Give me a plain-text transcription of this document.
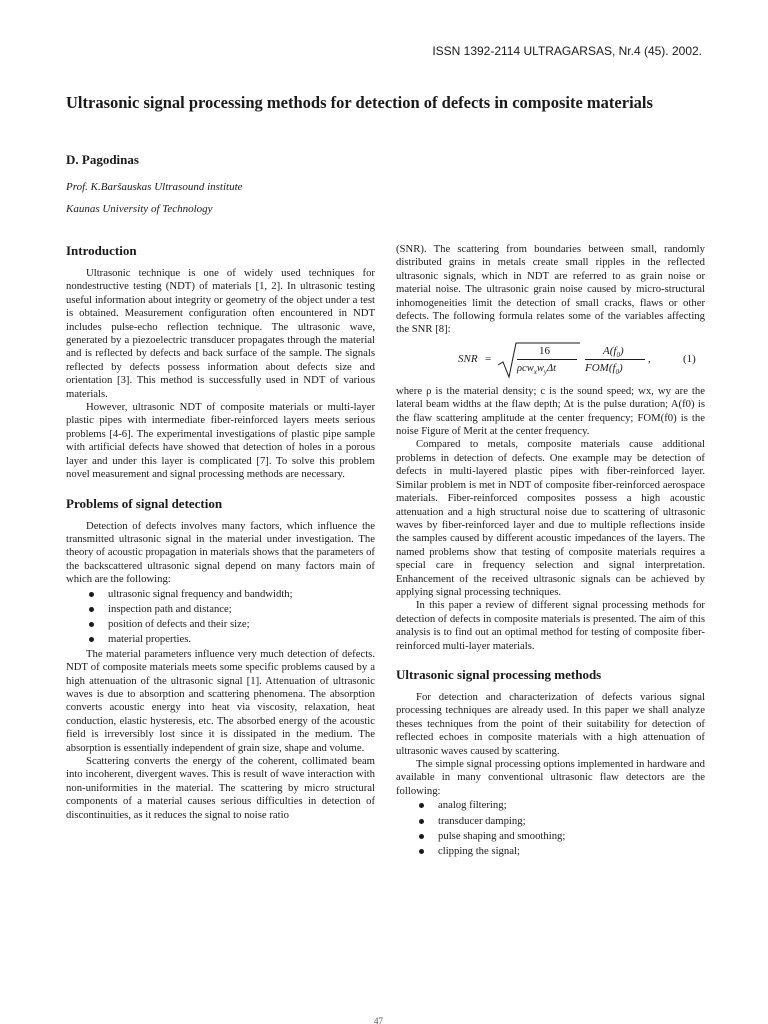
ISSN 1392-2114 ULTRAGARSAS, Nr.4 (45). 2002.
Ultrasonic signal processing methods for detection of defects in composite materials
D. Pagodinas
Prof. K.Baršauskas Ultrasound institute
Kaunas University of Technology
Introduction

Ultrasonic technique is one of widely used techniques for nondestructive testing (NDT) of materials [1, 2]. In ultrasonic testing useful information about integrity or geometry of the object under a test is obtained. Measurement configuration often encountered in NDT includes pulse-echo reflection technique. The ultrasonic wave, generated by a piezoelectric transducer propagates through the material and is reflected by defects and back surface of the sample. The signals reflected by defects possess information about defects size and orientation [3]. This method is successfully used in NDT of various materials.

However, ultrasonic NDT of composite materials or multi-layer plastic pipes with intermediate fiber-reinforced layers meets serious problems [4-6]. The experimental investigations of plastic pipe sample with artificial defects have showed that detection of holes in a porous layer and under this layer is complicated [7]. To solve this problem novel measurement and signal processing methods are necessary.

Problems of signal detection

Detection of defects involves many factors, which influence the transmitted ultrasonic signal in the material under investigation. The theory of acoustic propagation in materials shows that the parameters of the backscattered ultrasonic signal depend on many factors main of which are the following:

ultrasonic signal frequency and bandwidth;
inspection path and distance;
position of defects and their size;
material properties.

The material parameters influence very much detection of defects. NDT of composite materials meets some specific problems caused by a high attenuation of the ultrasonic signal [1]. Attenuation of ultrasonic waves is due to absorption and scattering phenomena. The absorption converts acoustic energy into heat via viscosity, relaxation, heat conduction, elastic hysteresis, etc. The absorbed energy of the acoustic field is irreversibly lost since it is dissipated in the medium. The absorption is essentially independent of grain size, shape and volume.

Scattering converts the energy of the coherent, collimated beam into incoherent, divergent waves. This is result of wave interaction with non-uniformities in the material. The scattering by micro structural components of a material causes serious difficulties in detection of discontinuities, as it reduces the signal to noise ratio

(SNR). The scattering from boundaries between small, randomly distributed grains in metals create small ripples in the reflected ultrasonic signals, which in NDT are referred to as grain noise or material noise. The ultrasonic grain noise caused by micro-structural inhomogeneities limit the detection of small cracks, flaws or other defects. The following formula relates some of the variables affecting the SNR [8]:

SNR =
16
$\rho cw_xw_y\Delta t$
$A(f_0)$
$FOM(f_0)$
,	(1)

where ρ is the material density; c is the sound speed; wx, wy are the lateral beam widths at the flaw depth; Δt is the pulse duration; A(f0) is the flaw scattering amplitude at the center frequency; FOM(f0) is the noise Figure of Merit at the center frequency.

Compared to metals, composite materials cause additional problems in detection of defects. One example may be detection of defects in multi-layered plastic pipes with fiber-reinforced layer. Similar problem is met in NDT of composite fiber-reinforced aerospace materials. Fiber-reinforced composites possess a high acoustic attenuation and a high structural noise due to scattering of ultrasonic waves by fiber-reinforced layer and due to multiple reflections inside the samples caused by different acoustic impedances of the layers. The named problems show that testing of composite materials requires a special care in frequency selection and signal interpretation. Enhancement of the received ultrasonic signals can be achieved by applying signal processing techniques.

In this paper a review of different signal processing methods for detection of defects in composite materials is presented. The aim of this analysis is to find out an optimal method for testing of composite fiber-reinforced multi-layer materials.

Ultrasonic signal processing methods

For detection and characterization of defects various signal processing techniques are already used. In this paper we shall analyze theses techniques from the point of their suitability for detection of reflected echoes in composite materials with a high attenuation of ultrasonic waves caused by scattering.

The simple signal processing options implemented in hardware and available in many conventional ultrasonic flaw detectors are the following:

analog filtering;
transducer damping;
pulse shaping and smoothing;
clipping the signal;
47
